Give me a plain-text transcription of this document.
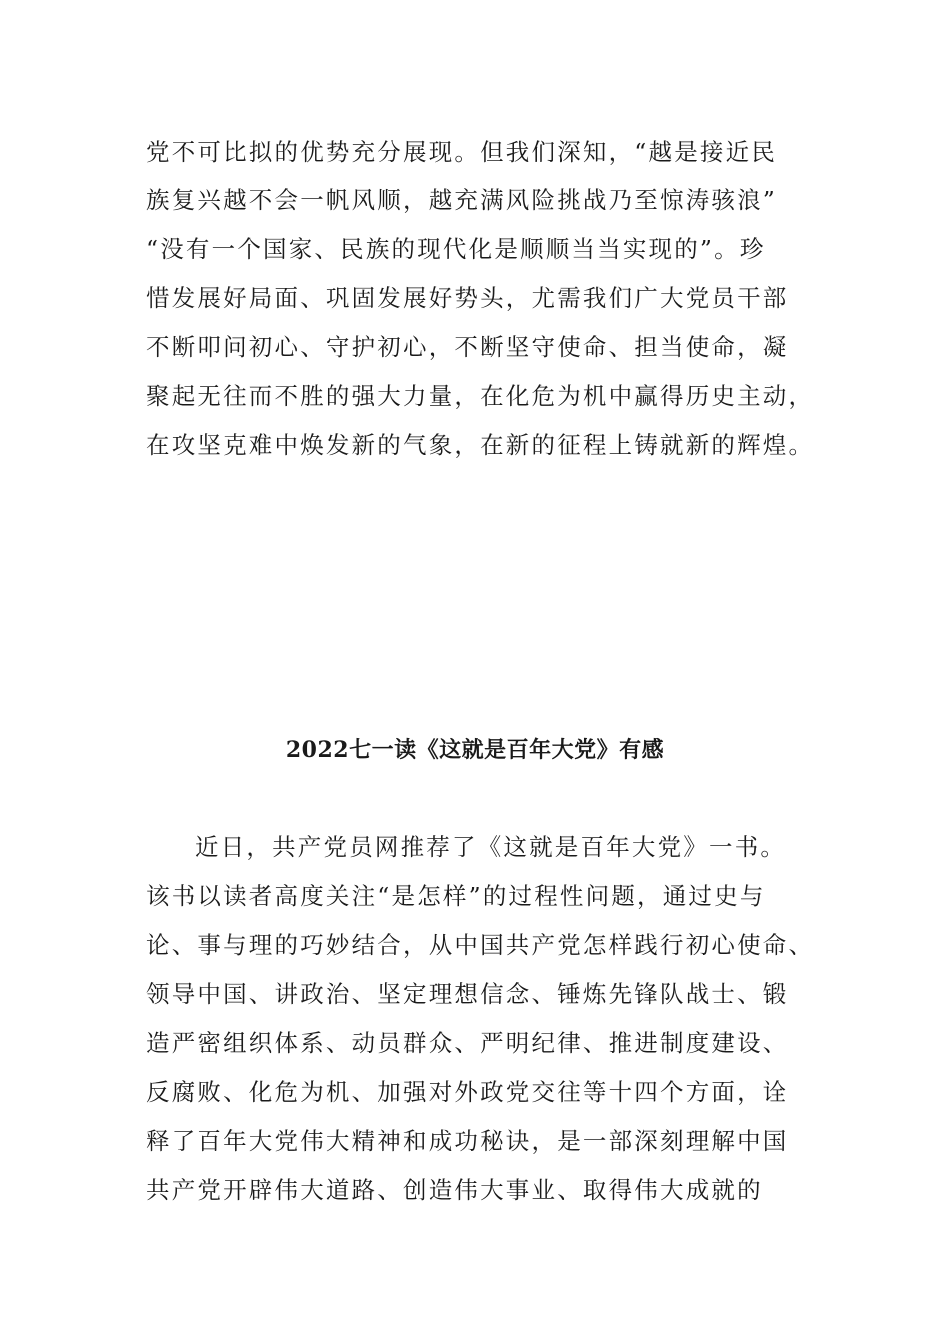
党不可比拟的优势充分展现。但我们深知，“越是接近民
族复兴越不会一帆风顺，越充满风险挑战乃至惊涛骇浪”
“没有一个国家、民族的现代化是顺顺当当实现的”。珍
惜发展好局面、巩固发展好势头，尤需我们广大党员干部
不断叩问初心、守护初心，不断坚守使命、担当使命，凝
聚起无往而不胜的强大力量，在化危为机中赢得历史主动，
在攻坚克难中焕发新的气象，在新的征程上铸就新的辉煌。
2022七一读《这就是百年大党》有感
近日，共产党员网推荐了《这就是百年大党》一书。
该书以读者高度关注“是怎样”的过程性问题，通过史与
论、事与理的巧妙结合，从中国共产党怎样践行初心使命、
领导中国、讲政治、坚定理想信念、锤炼先锋队战士、锻
造严密组织体系、动员群众、严明纪律、推进制度建设、
反腐败、化危为机、加强对外政党交往等十四个方面，诠
释了百年大党伟大精神和成功秘诀，是一部深刻理解中国
共产党开辟伟大道路、创造伟大事业、取得伟大成就的
